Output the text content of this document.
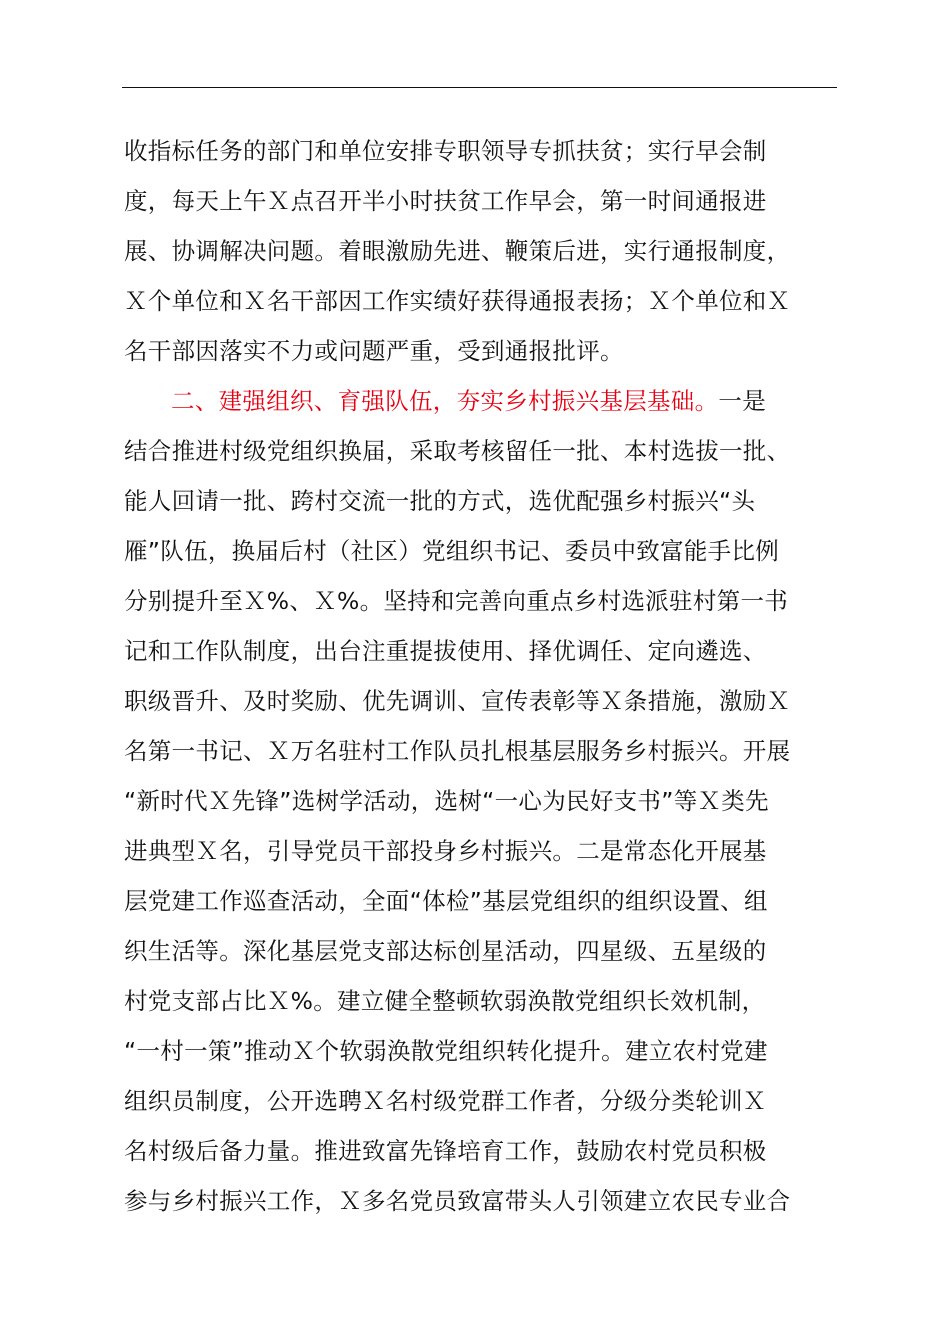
收指标任务的部门和单位安排专职领导专抓扶贫；实行早会制
度，每天上午Ｘ点召开半小时扶贫工作早会，第一时间通报进
展、协调解决问题。着眼激励先进、鞭策后进，实行通报制度，
Ｘ个单位和Ｘ名干部因工作实绩好获得通报表扬；Ｘ个单位和Ｘ
名干部因落实不力或问题严重，受到通报批评。
二、建强组织、育强队伍，夯实乡村振兴基层基础。一是
结合推进村级党组织换届，采取考核留任一批、本村选拔一批、
能人回请一批、跨村交流一批的方式，选优配强乡村振兴“头
雁”队伍，换届后村（社区）党组织书记、委员中致富能手比例
分别提升至Ｘ%、Ｘ%。坚持和完善向重点乡村选派驻村第一书
记和工作队制度，出台注重提拔使用、择优调任、定向遴选、
职级晋升、及时奖励、优先调训、宣传表彰等Ｘ条措施，激励Ｘ
名第一书记、Ｘ万名驻村工作队员扎根基层服务乡村振兴。开展
“新时代Ｘ先锋”选树学活动，选树“一心为民好支书”等Ｘ类先
进典型Ｘ名，引导党员干部投身乡村振兴。二是常态化开展基
层党建工作巡查活动，全面“体检”基层党组织的组织设置、组
织生活等。深化基层党支部达标创星活动，四星级、五星级的
村党支部占比Ｘ%。建立健全整顿软弱涣散党组织长效机制，
“一村一策”推动Ｘ个软弱涣散党组织转化提升。建立农村党建
组织员制度，公开选聘Ｘ名村级党群工作者，分级分类轮训Ｘ
名村级后备力量。推进致富先锋培育工作，鼓励农村党员积极
参与乡村振兴工作，Ｘ多名党员致富带头人引领建立农民专业合
